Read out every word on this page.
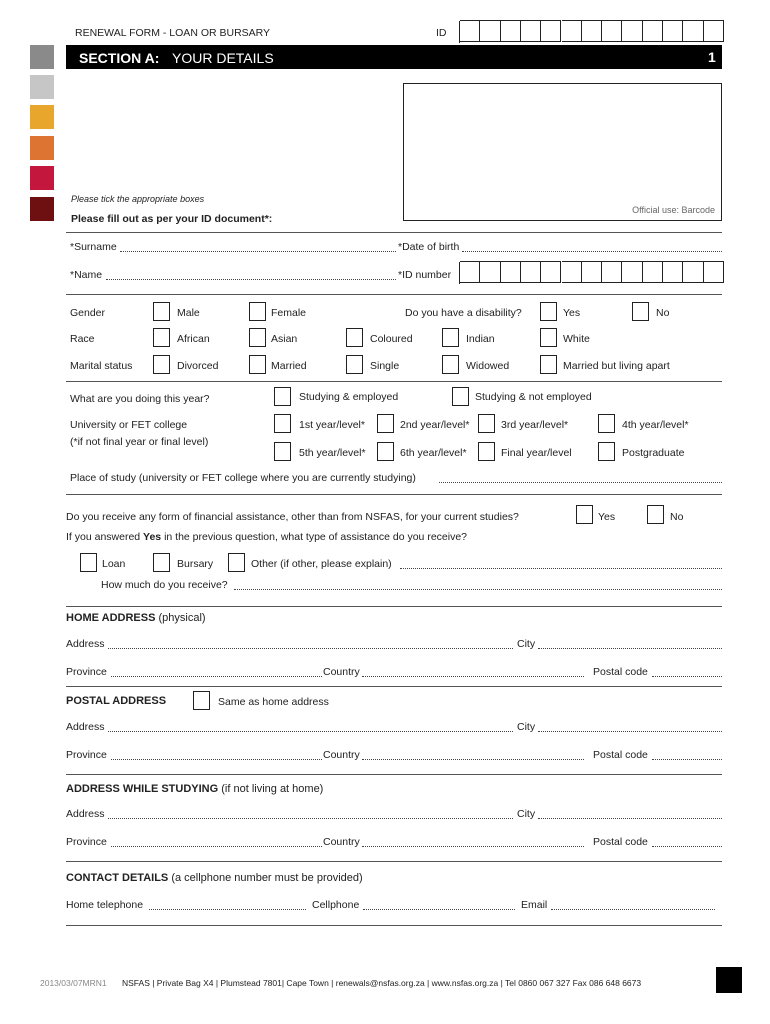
RENEWAL FORM - LOAN OR BURSARY	ID
SECTION A: YOUR DETAILS	1
Official use: Barcode
Please tick the appropriate boxes
Please fill out as per your ID document*:
*Surname	*Date of birth
*Name	*ID number
Gender	Male	Female	Do you have a disability?	Yes	No
Race	African	Asian	Coloured	Indian	White
Marital status	Divorced	Married	Single	Widowed	Married but living apart
What are you doing this year?	Studying & employed	Studying & not employed
University or FET college
(*if not final year or final level)
1st year/level*	2nd year/level*	3rd year/level*	4th year/level*
5th year/level*	6th year/level*	Final year/level	Postgraduate
Place of study (university or FET college where you are currently studying)
Do you receive any form of financial assistance, other than from NSFAS, for your current studies?	Yes	No
If you answered Yes in the previous question, what type of assistance do you receive?
Loan	Bursary	Other (if other, please explain)
How much do you receive?
HOME ADDRESS (physical)
Address	City
Province	Country	Postal code
POSTAL ADDRESS	Same as home address
Address	City
Province	Country	Postal code
ADDRESS WHILE STUDYING (if not living at home)
Address	City
Province	Country	Postal code
CONTACT DETAILS (a cellphone number must be provided)
Home telephone	Cellphone	Email
2013/03/07MRN1 NSFAS | Private Bag X4 | Plumstead 7801| Cape Town | renewals@nsfas.org.za | www.nsfas.org.za | Tel 0860 067 327 Fax 086 648 6673
